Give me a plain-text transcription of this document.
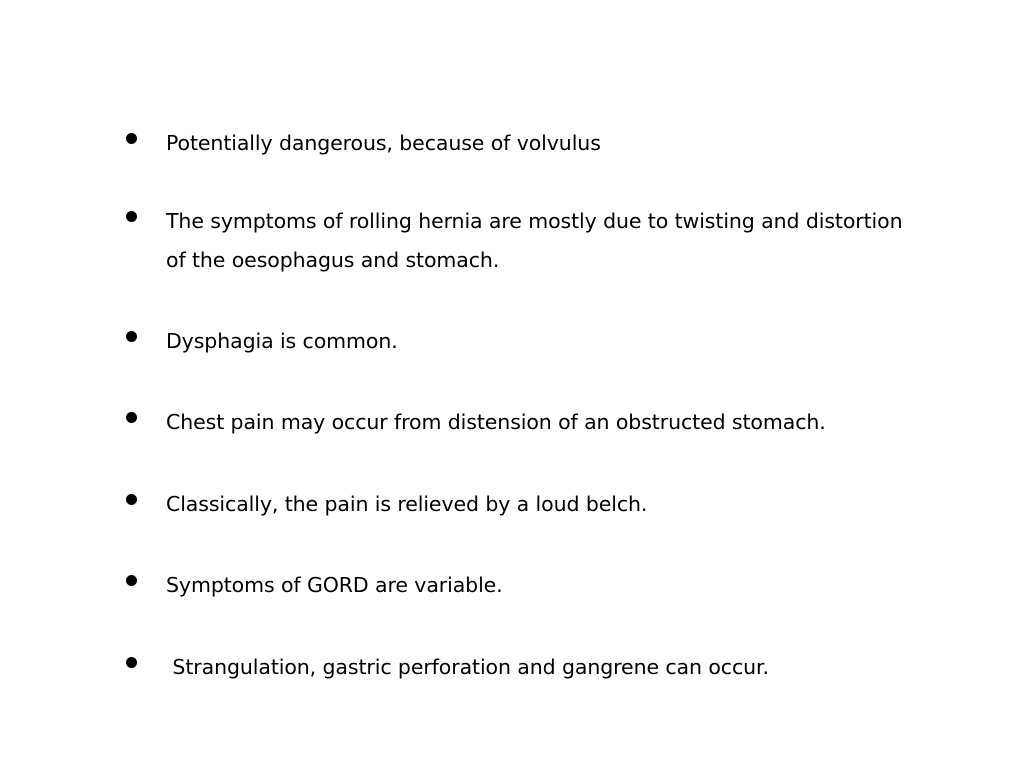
Potentially dangerous, because of volvulus
The symptoms of rolling hernia are mostly due to twisting and distortion of the oesophagus and stomach.
Dysphagia is common.
Chest pain may occur from distension of an obstructed stomach.
Classically, the pain is relieved by a loud belch.
Symptoms of GORD are variable.
Strangulation, gastric perforation and gangrene can occur.
